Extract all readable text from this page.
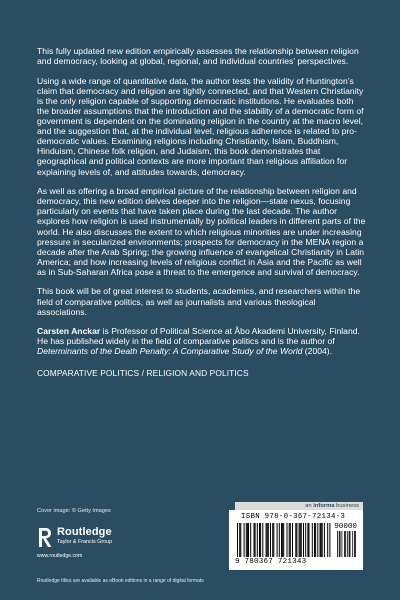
This fully updated new edition empirically assesses the relationship between religion and democracy, looking at global, regional, and individual countries’ perspectives.

Using a wide range of quantitative data, the author tests the validity of Huntington’s claim that democracy and religion are tightly connected, and that Western Christianity is the only religion capable of supporting democratic institutions. He evaluates both the broader assumptions that the introduction and the stability of a democratic form of government is dependent on the dominating religion in the country at the macro level, and the suggestion that, at the individual level, religious adherence is related to pro-democratic values. Examining religions including Christianity, Islam, Buddhism, Hinduism, Chinese folk religion, and Judaism, this book demonstrates that geographical and political contexts are more important than religious affiliation for explaining levels of, and attitudes towards, democracy.

As well as offering a broad empirical picture of the relationship between religion and democracy, this new edition delves deeper into the religion—state nexus, focusing particularly on events that have taken place during the last decade. The author explores how religion is used instrumentally by political leaders in different parts of the world. He also discusses the extent to which religious minorities are under increasing pressure in secularized environments; prospects for democracy in the MENA region a decade after the Arab Spring; the growing influence of evangelical Christianity in Latin America; and how increasing levels of religious conflict in Asia and the Pacific as well as in Sub-Saharan Africa pose a threat to the emergence and survival of democracy.

This book will be of great interest to students, academics, and researchers within the field of comparative politics, as well as journalists and various theological associations.

Carsten Anckar is Professor of Political Science at Åbo Akademi University, Finland. He has published widely in the field of comparative politics and is the author of Determinants of the Death Penalty: A Comparative Study of the World (2004).

COMPARATIVE POLITICS / RELIGION AND POLITICS

Cover image: © Getty Images
Routledge
Taylor & Francis Group
www.routledge.com
Routledge titles are available as eBook editions in a range of digital formats
an informa business
ISBN 978-0-367-72134-3
90000
9 780367 721343
